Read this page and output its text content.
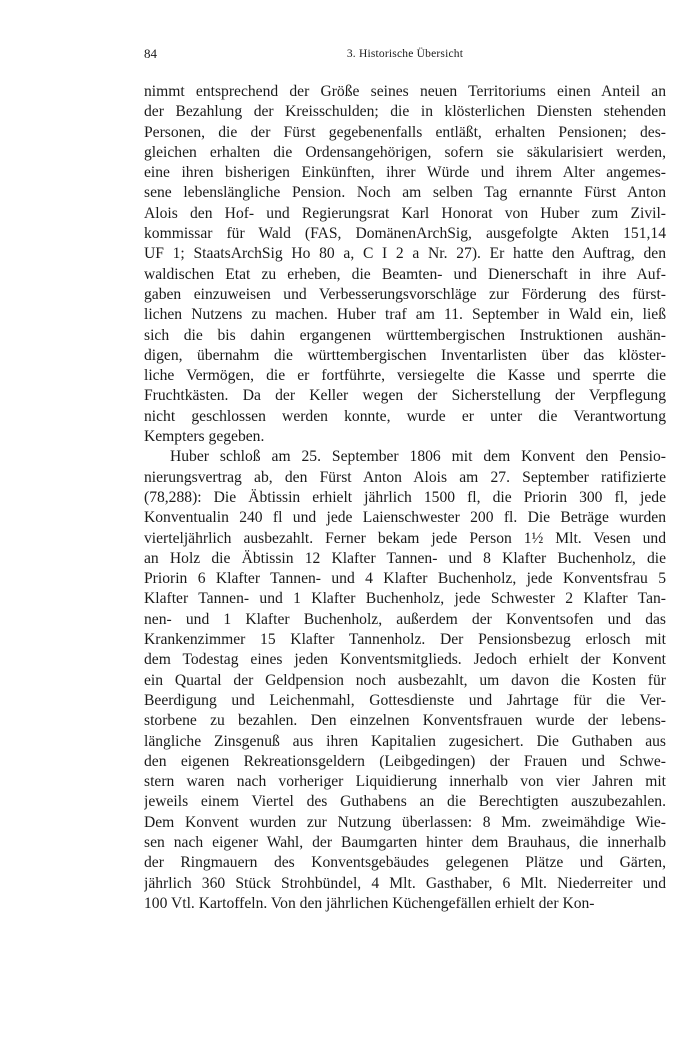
84	3. Historische Übersicht
nimmt entsprechend der Größe seines neuen Territoriums einen Anteil an
der Bezahlung der Kreisschulden; die in klösterlichen Diensten stehenden
Personen, die der Fürst gegebenenfalls entläßt, erhalten Pensionen; des-
gleichen erhalten die Ordensangehörigen, sofern sie säkularisiert werden,
eine ihren bisherigen Einkünften, ihrer Würde und ihrem Alter angemes-
sene lebenslängliche Pension. Noch am selben Tag ernannte Fürst Anton
Alois den Hof- und Regierungsrat Karl Honorat von Huber zum Zivil-
kommissar für Wald (FAS, DomänenArchSig, ausgefolgte Akten 151,14
UF 1; StaatsArchSig Ho 80 a, C I 2 a Nr. 27). Er hatte den Auftrag, den
waldischen Etat zu erheben, die Beamten- und Dienerschaft in ihre Auf-
gaben einzuweisen und Verbesserungsvorschläge zur Förderung des fürst-
lichen Nutzens zu machen. Huber traf am 11. September in Wald ein, ließ
sich die bis dahin ergangenen württembergischen Instruktionen aushän-
digen, übernahm die württembergischen Inventarlisten über das klöster-
liche Vermögen, die er fortführte, versiegelte die Kasse und sperrte die
Fruchtkästen. Da der Keller wegen der Sicherstellung der Verpflegung
nicht geschlossen werden konnte, wurde er unter die Verantwortung
Kempters gegeben.
Huber schloß am 25. September 1806 mit dem Konvent den Pensio-
nierungsvertrag ab, den Fürst Anton Alois am 27. September ratifizierte
(78,288): Die Äbtissin erhielt jährlich 1500 fl, die Priorin 300 fl, jede
Konventualin 240 fl und jede Laienschwester 200 fl. Die Beträge wurden
vierteljährlich ausbezahlt. Ferner bekam jede Person 1½ Mlt. Vesen und
an Holz die Äbtissin 12 Klafter Tannen- und 8 Klafter Buchenholz, die
Priorin 6 Klafter Tannen- und 4 Klafter Buchenholz, jede Konventsfrau 5
Klafter Tannen- und 1 Klafter Buchenholz, jede Schwester 2 Klafter Tan-
nen- und 1 Klafter Buchenholz, außerdem der Konventsofen und das
Krankenzimmer 15 Klafter Tannenholz. Der Pensionsbezug erlosch mit
dem Todestag eines jeden Konventsmitglieds. Jedoch erhielt der Konvent
ein Quartal der Geldpension noch ausbezahlt, um davon die Kosten für
Beerdigung und Leichenmahl, Gottesdienste und Jahrtage für die Ver-
storbene zu bezahlen. Den einzelnen Konventsfrauen wurde der lebens-
längliche Zinsgenuß aus ihren Kapitalien zugesichert. Die Guthaben aus
den eigenen Rekreationsgeldern (Leibgedingen) der Frauen und Schwe-
stern waren nach vorheriger Liquidierung innerhalb von vier Jahren mit
jeweils einem Viertel des Guthabens an die Berechtigten auszubezahlen.
Dem Konvent wurden zur Nutzung überlassen: 8 Mm. zweimähdige Wie-
sen nach eigener Wahl, der Baumgarten hinter dem Brauhaus, die innerhalb
der Ringmauern des Konventsgebäudes gelegenen Plätze und Gärten,
jährlich 360 Stück Strohbündel, 4 Mlt. Gasthaber, 6 Mlt. Niederreiter und
100 Vtl. Kartoffeln. Von den jährlichen Küchengefällen erhielt der Kon-
